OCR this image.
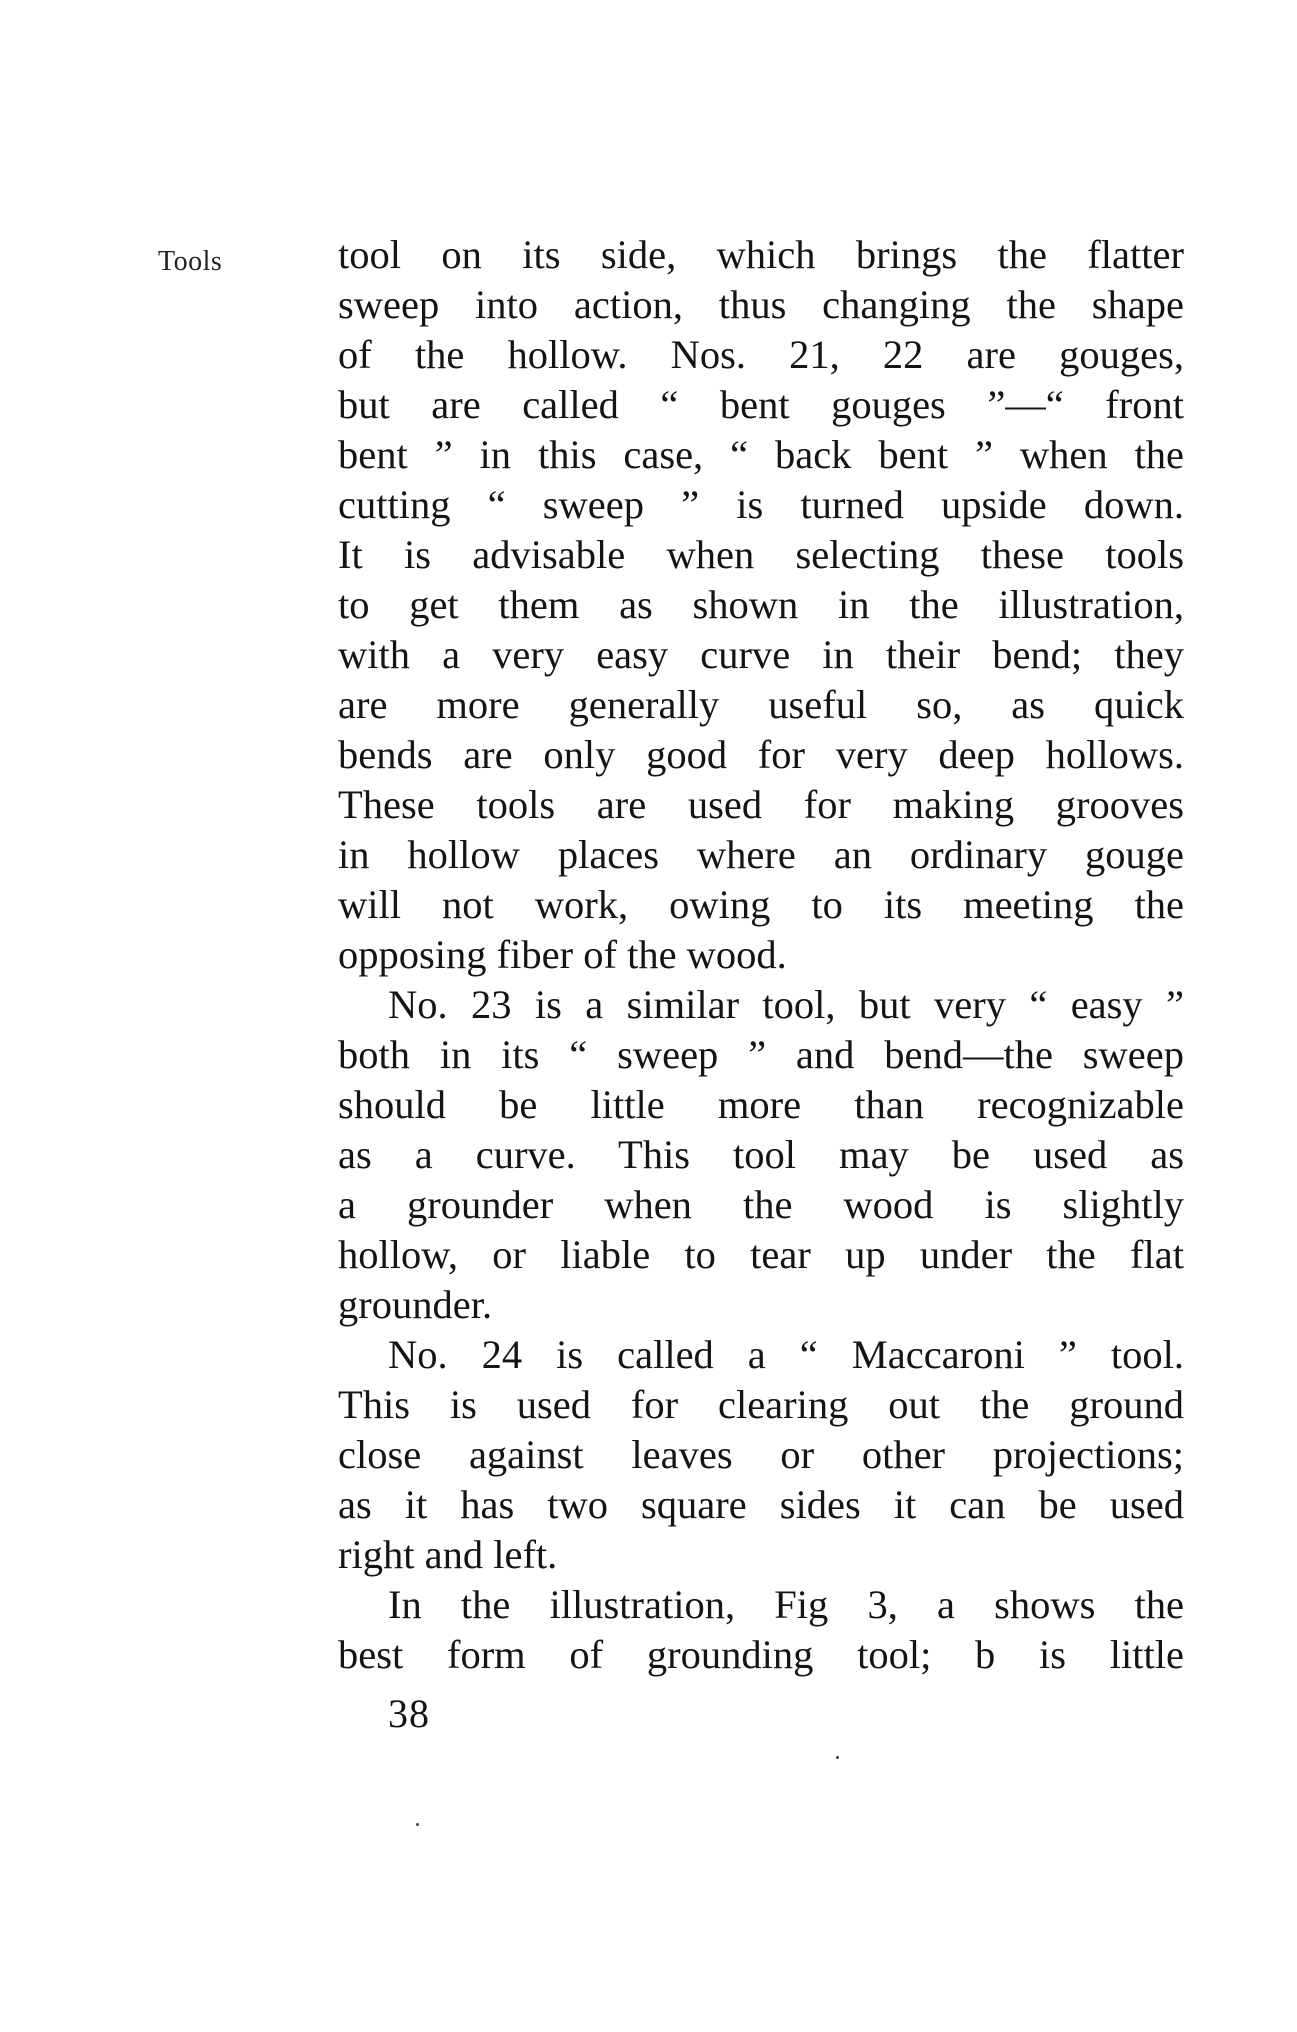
Tools	tool on its side, which brings the flatter
sweep into action, thus changing the shape
of the hollow. Nos. 21, 22 are gouges,
but are called “ bent gouges ”—“ front
bent ” in this case, “ back bent ” when the
cutting “ sweep ” is turned upside down.
It is advisable when selecting these tools
to get them as shown in the illustration,
with a very easy curve in their bend; they
are more generally useful so, as quick
bends are only good for very deep hollows.
These tools are used for making grooves
in hollow places where an ordinary gouge
will not work, owing to its meeting the
opposing fiber of the wood.
No. 23 is a similar tool, but very “ easy ”
both in its “ sweep ” and bend—the sweep
should be little more than recognizable
as a curve. This tool may be used as
a grounder when the wood is slightly
hollow, or liable to tear up under the flat
grounder.
No. 24 is called a “ Maccaroni ” tool.
This is used for clearing out the ground
close against leaves or other projections;
as it has two square sides it can be used
right and left.
In the illustration, Fig 3, a shows the
best form of grounding tool; b is little
38
